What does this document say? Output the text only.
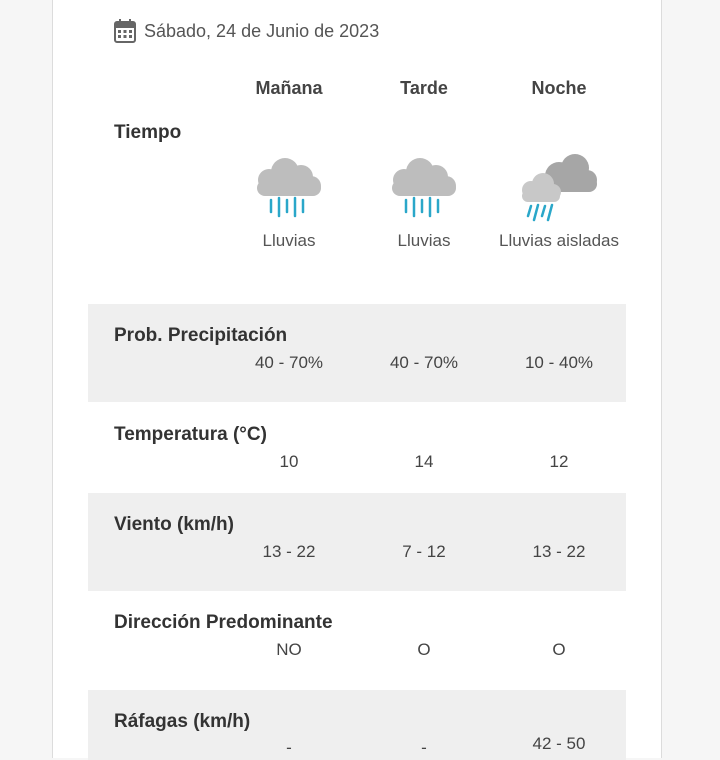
Sábado, 24 de Junio de 2023
Mañana	Tarde	Noche
Tiempo
Lluvias	Lluvias	Lluvias aisladas
Prob. Precipitación
40 - 70%	40 - 70%	10 - 40%
Temperatura (°C)
10	14	12
Viento (km/h)
13 - 22	7 - 12	13 - 22
Dirección Predominante
NO	O	O
Ráfagas (km/h)
-	-	42 - 50
